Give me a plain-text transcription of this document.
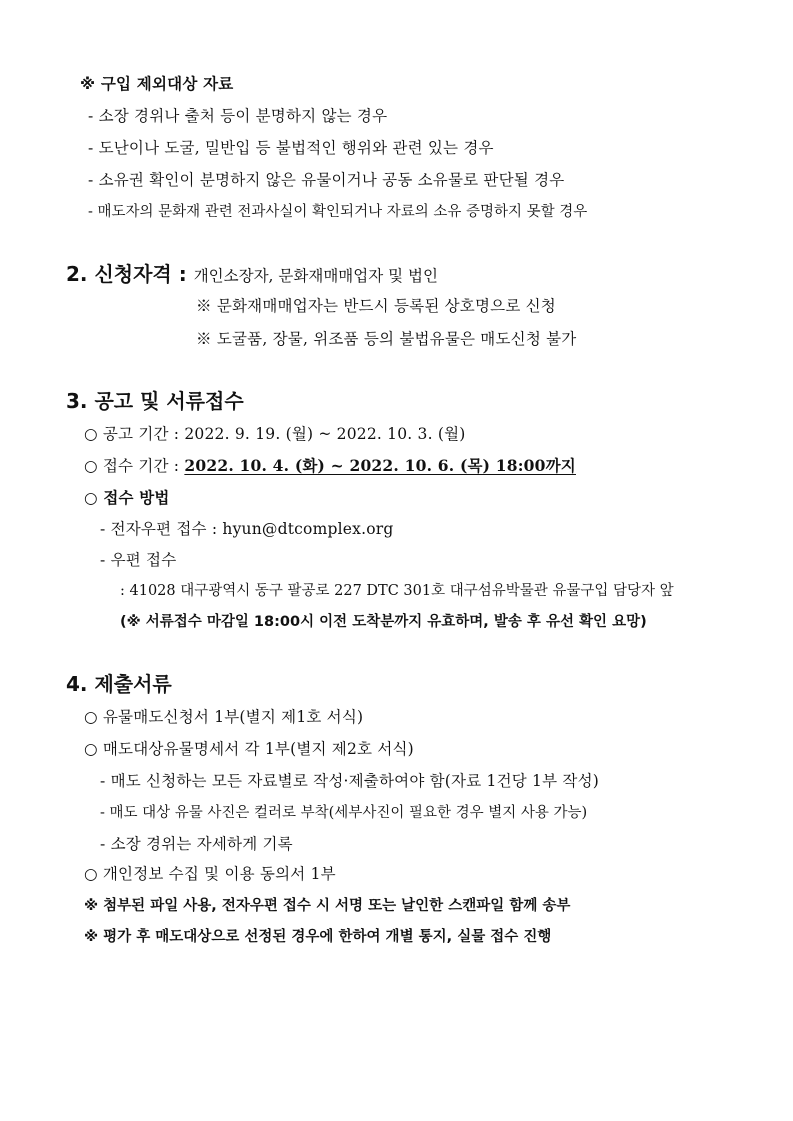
※ 구입 제외대상 자료
- 소장 경위나 출처 등이 분명하지 않는 경우
- 도난이나 도굴, 밀반입 등 불법적인 행위와 관련 있는 경우
- 소유권 확인이 분명하지 않은 유물이거나 공동 소유물로 판단될 경우
- 매도자의 문화재 관련 전과사실이 확인되거나 자료의 소유 증명하지 못할 경우
2. 신청자격 : 개인소장자, 문화재매매업자 및 법인
※ 문화재매매업자는 반드시 등록된 상호명으로 신청
※ 도굴품, 장물, 위조품 등의 불법유물은 매도신청 불가
3. 공고 및 서류접수
○ 공고 기간 : 2022. 9. 19. (월) ~ 2022. 10. 3. (월)
○ 접수 기간 : 2022. 10. 4. (화) ~ 2022. 10. 6. (목) 18:00까지
○ 접수 방법
- 전자우편 접수 : hyun@dtcomplex.org
- 우편 접수
: 41028 대구광역시 동구 팔공로 227 DTC 301호 대구섬유박물관 유물구입 담당자 앞
(※ 서류접수 마감일 18:00시 이전 도착분까지 유효하며, 발송 후 유선 확인 요망)
4. 제출서류
○ 유물매도신청서 1부(별지 제1호 서식)
○ 매도대상유물명세서 각 1부(별지 제2호 서식)
- 매도 신청하는 모든 자료별로 작성·제출하여야 함(자료 1건당 1부 작성)
- 매도 대상 유물 사진은 컬러로 부착(세부사진이 필요한 경우 별지 사용 가능)
- 소장 경위는 자세하게 기록
○ 개인정보 수집 및 이용 동의서 1부
※ 첨부된 파일 사용, 전자우편 접수 시 서명 또는 날인한 스캔파일 함께 송부
※ 평가 후 매도대상으로 선정된 경우에 한하여 개별 통지, 실물 접수 진행
